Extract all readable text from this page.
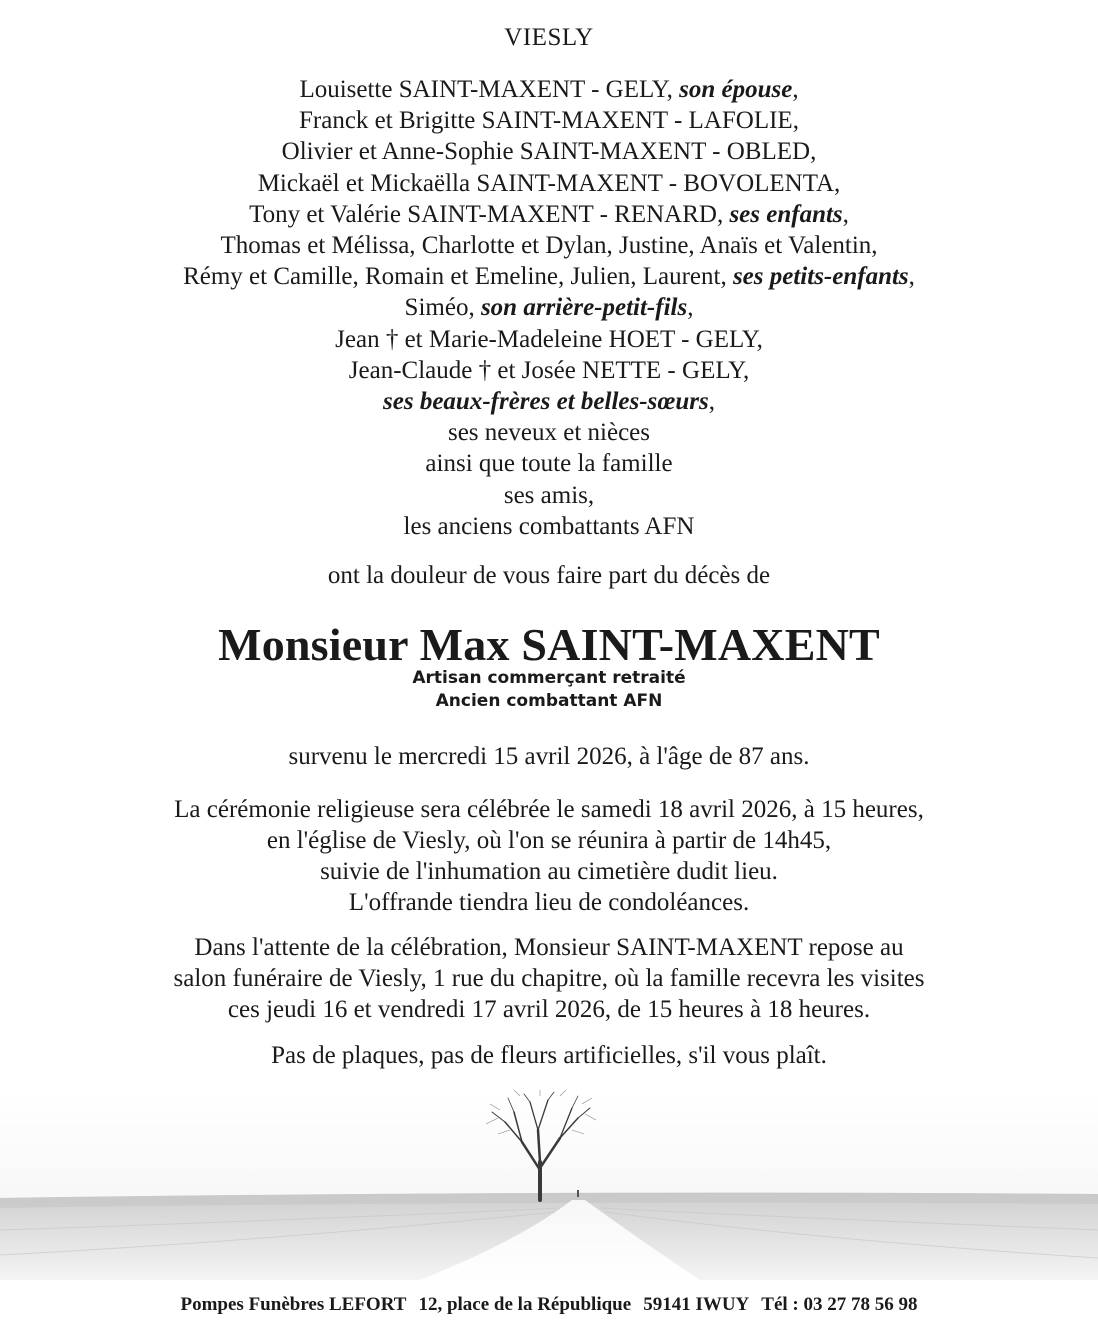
VIESLY
Louisette SAINT-MAXENT - GELY, son épouse,
Franck et Brigitte SAINT-MAXENT - LAFOLIE,
Olivier et Anne-Sophie SAINT-MAXENT - OBLED,
Mickaël et Mickaëlla SAINT-MAXENT - BOVOLENTA,
Tony et Valérie SAINT-MAXENT - RENARD, ses enfants,
Thomas et Mélissa, Charlotte et Dylan, Justine, Anaïs et Valentin,
Rémy et Camille, Romain et Emeline, Julien, Laurent, ses petits-enfants,
Siméo, son arrière-petit-fils,
Jean † et Marie-Madeleine HOET - GELY,
Jean-Claude † et Josée NETTE - GELY,
ses beaux-frères et belles-sœurs,
ses neveux et nièces
ainsi que toute la famille
ses amis,
les anciens combattants AFN
ont la douleur de vous faire part du décès de
Monsieur Max SAINT-MAXENT
Artisan commerçant retraité
Ancien combattant AFN
survenu le mercredi 15 avril 2026, à l'âge de 87 ans.
La cérémonie religieuse sera célébrée le samedi 18 avril 2026, à 15 heures,
en l'église de Viesly, où l'on se réunira à partir de 14h45,
suivie de l'inhumation au cimetière dudit lieu.
L'offrande tiendra lieu de condoléances.
Dans l'attente de la célébration, Monsieur SAINT-MAXENT repose au
salon funéraire de Viesly, 1 rue du chapitre, où la famille recevra les visites
ces jeudi 16 et vendredi 17 avril 2026, de 15 heures à 18 heures.
Pas de plaques, pas de fleurs artificielles, s'il vous plaît.
Pompes Funèbres LEFORT 12, place de la République 59141 IWUY Tél : 03 27 78 56 98
